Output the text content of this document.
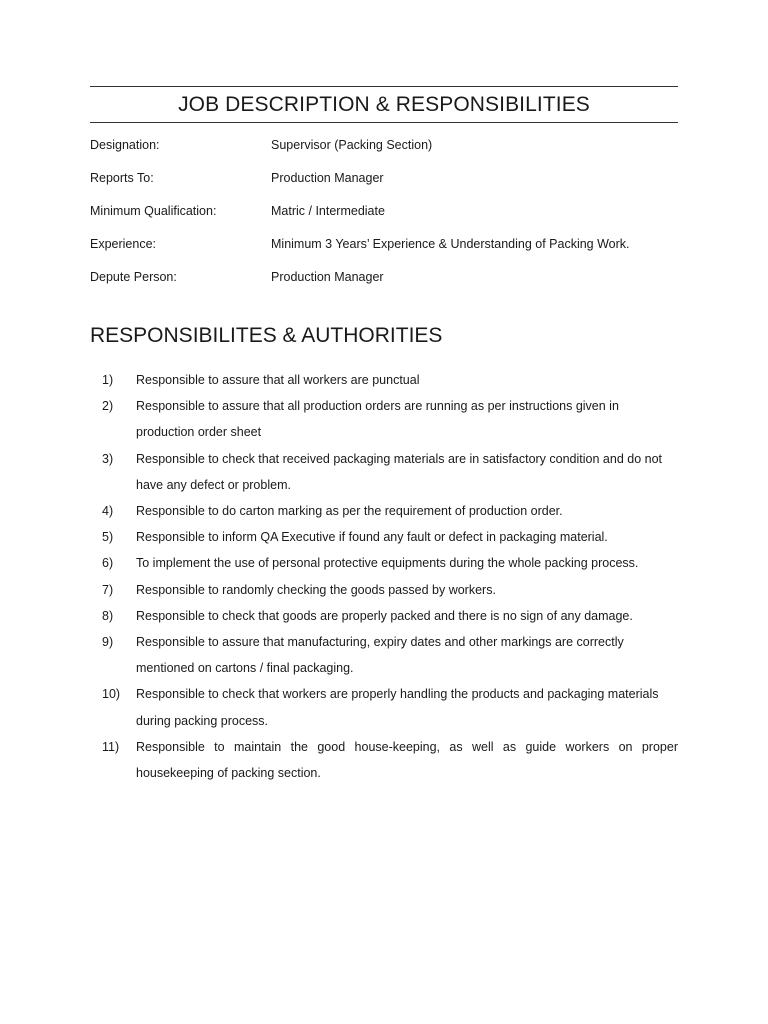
JOB DESCRIPTION & RESPONSIBILITIES
Designation:	Supervisor (Packing Section)
Reports To:	Production Manager
Minimum Qualification:	Matric / Intermediate
Experience:	Minimum 3 Years’ Experience & Understanding of Packing Work.
Depute Person:	Production Manager
RESPONSIBILITES & AUTHORITIES
1)	Responsible to assure that all workers are punctual
2)	Responsible to assure that all production orders are running as per instructions given in production order sheet
3)	Responsible to check that received packaging materials are in satisfactory condition and do not have any defect or problem.
4)	Responsible to do carton marking as per the requirement of production order.
5)	Responsible to inform QA Executive if found any fault or defect in packaging material.
6)	To implement the use of personal protective equipments during the whole packing process.
7)	Responsible to randomly checking the goods passed by workers.
8)	Responsible to check that goods are properly packed and there is no sign of any damage.
9)	Responsible to assure that manufacturing, expiry dates and other markings are correctly mentioned on cartons / final packaging.
10)	Responsible to check that workers are properly handling the products and packaging materials during packing process.
11)	Responsible to maintain the good house-keeping, as well as guide workers on proper housekeeping of packing section.
